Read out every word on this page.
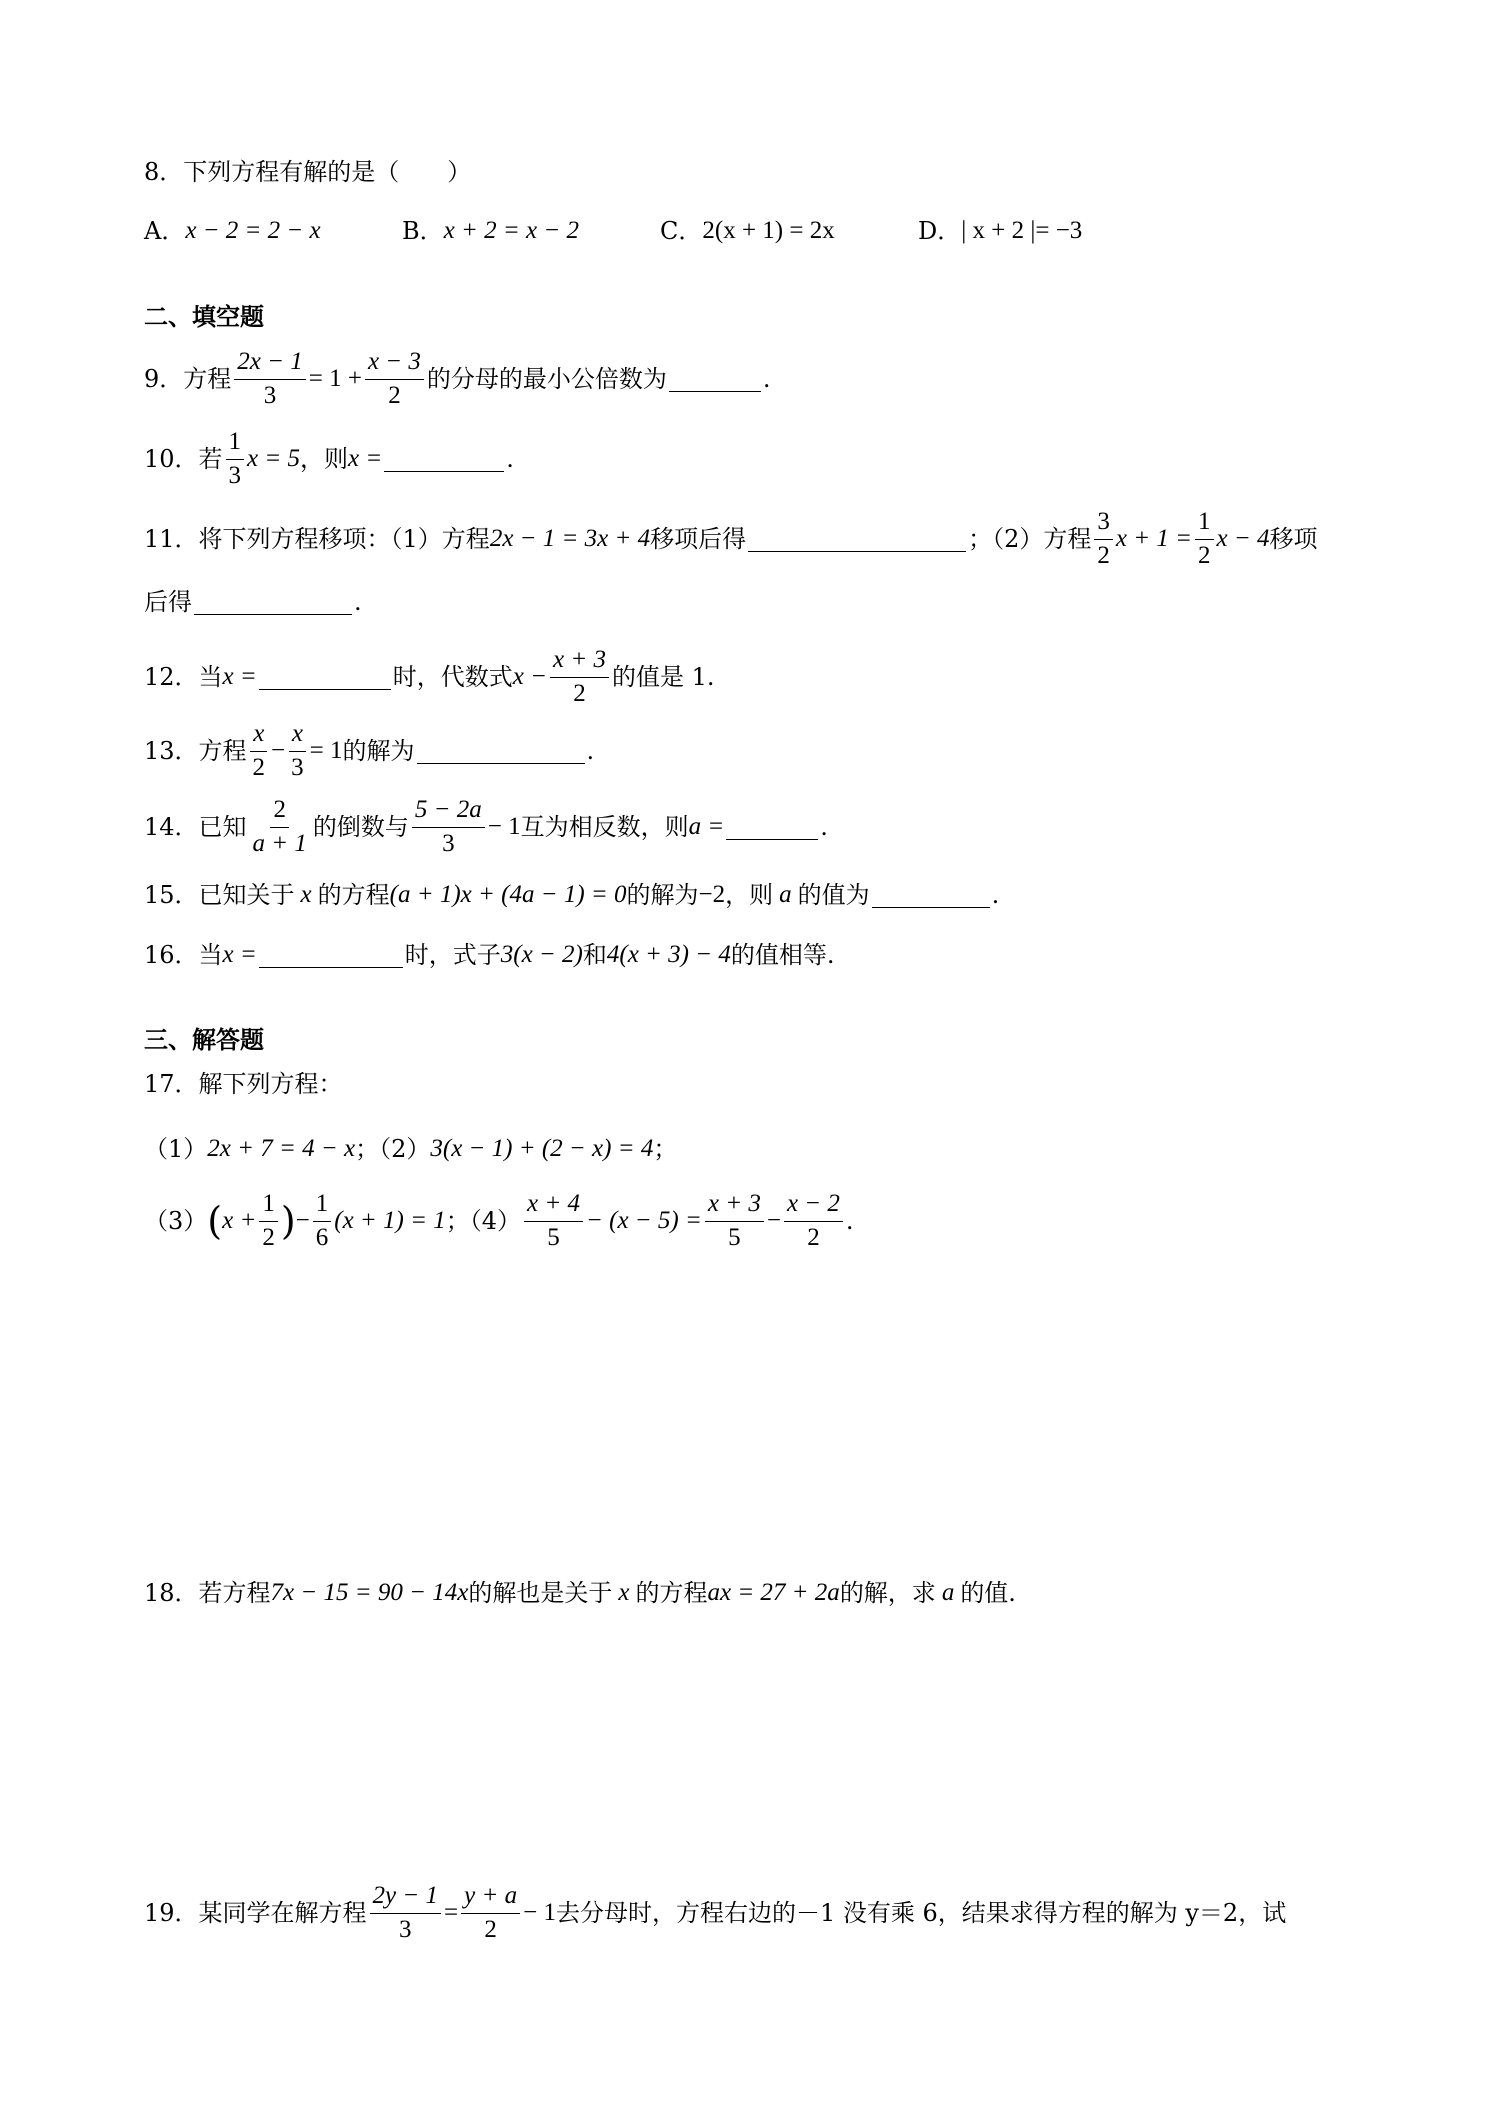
8．下列方程有解的是（　　）
A． x − 2 = 2 − x	B． x + 2 = x − 2	C． 2(x + 1) = 2x	D． | x + 2 |= −3
二、填空题
9．方程 $\frac{2x - 1}{3} = 1 + \frac{x - 3}{2}$ 的分母的最小公倍数为	.
10．若 $\frac{1}{3}$ x = 5 ，则 x =	.
11．将下列方程移项：（1）方程 2x − 1 = 3x + 4 移项后得	；（2）方程 $\frac{3}{2}$ $x + 1 = \frac{1}{2}$ x − 4 移项
后得	.
12．当 x =	时，代数式 $x - \frac{x + 3}{2}$ 的值是 1 .
13．方程 $\frac{x}{2} - \frac{x}{3} = 1$ 的解为	.
14．已知 $\frac{2}{a + 1}$ 的倒数与 $\frac{5 - 2a}{3} - 1$ 互为相反数，则 a =	.
15．已知关于 x 的方程 (a + 1)x + (4a − 1) = 0 的解为 −2 ，则 a 的值为	.
16．当 x =	时，式子 3(x − 2) 和 4(x + 3) − 4 的值相等 .
三、解答题
17．解下列方程：
（1） 2x + 7 = 4 − x ；（2） 3(x − 1) + (2 − x) = 4 ；
（3） ( $x + \frac{1}{2}$ ) − $\frac{1}{6} (x + 1) = 1$ ；$(4) \frac{x + 4}{5} - (x - 5) = \frac{x + 3}{5} - \frac{x - 2}{2}$ .
18．若方程 7x − 15 = 90 − 14x 的解也是关于 x 的方程 ax = 27 + 2a 的解，求 a 的值.
19．某同学在解方程 $\frac{2y - 1}{3} = \frac{y + a}{2} - 1$ 去分母时，方程右边的－1 没有乘 6，结果求得方程的解为 y＝2，试
